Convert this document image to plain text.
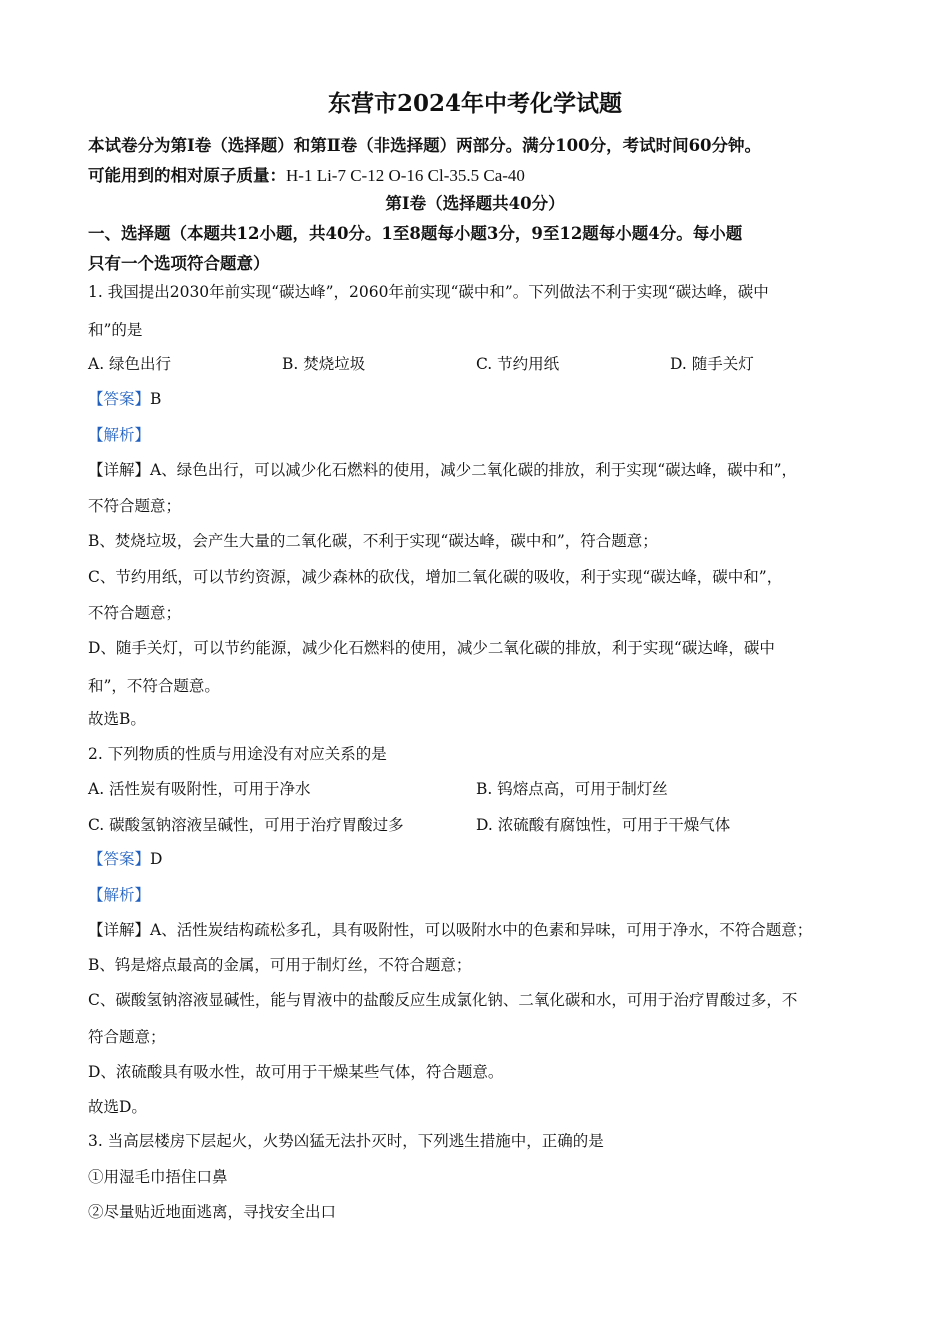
东营市2024年中考化学试题
本试卷分为第I卷（选择题）和第Ⅱ卷（非选择题）两部分。满分100分，考试时间60分钟。
可能用到的相对原子质量：H-1 Li-7 C-12 O-16 Cl-35.5 Ca-40
第I卷（选择题共40分）
一、选择题（本题共12小题，共40分。1至8题每小题3分，9至12题每小题4分。每小题
只有一个选项符合题意）
1. 我国提出2030年前实现“碳达峰”，2060年前实现“碳中和”。下列做法不利于实现“碳达峰，碳中
和”的是
A. 绿色出行	B. 焚烧垃圾	C. 节约用纸	D. 随手关灯
【答案】B
【解析】
【详解】A、绿色出行，可以减少化石燃料的使用，减少二氧化碳的排放，利于实现“碳达峰，碳中和”，
不符合题意；
B、焚烧垃圾，会产生大量的二氧化碳，不利于实现“碳达峰，碳中和”，符合题意；
C、节约用纸，可以节约资源，减少森林的砍伐，增加二氧化碳的吸收，利于实现“碳达峰，碳中和”，
不符合题意；
D、随手关灯，可以节约能源，减少化石燃料的使用，减少二氧化碳的排放，利于实现“碳达峰，碳中
和”，不符合题意。
故选B。
2. 下列物质的性质与用途没有对应关系的是
A. 活性炭有吸附性，可用于净水	B. 钨熔点高，可用于制灯丝
C. 碳酸氢钠溶液呈碱性，可用于治疗胃酸过多	D. 浓硫酸有腐蚀性，可用于干燥气体
【答案】D
【解析】
【详解】A、活性炭结构疏松多孔，具有吸附性，可以吸附水中的色素和异味，可用于净水，不符合题意；
B、钨是熔点最高的金属，可用于制灯丝，不符合题意；
C、碳酸氢钠溶液显碱性，能与胃液中的盐酸反应生成氯化钠、二氧化碳和水，可用于治疗胃酸过多，不
符合题意；
D、浓硫酸具有吸水性，故可用于干燥某些气体，符合题意。
故选D。
3. 当高层楼房下层起火，火势凶猛无法扑灭时，下列逃生措施中，正确的是
①用湿毛巾捂住口鼻
②尽量贴近地面逃离，寻找安全出口
